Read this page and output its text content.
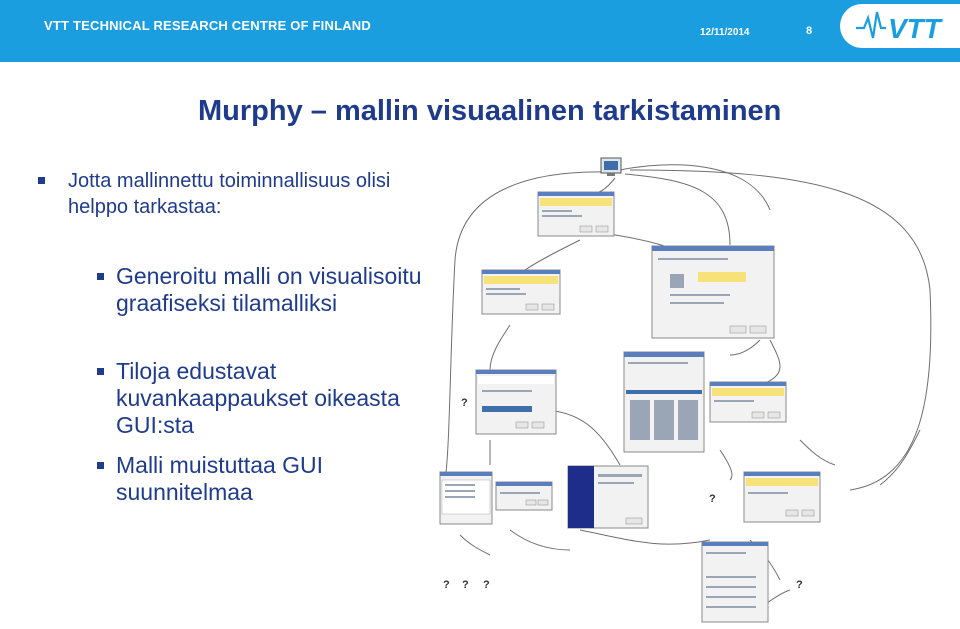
VTT TECHNICAL RESEARCH CENTRE OF FINLAND	12/11/2014	8	VTT
Murphy – mallin visuaalinen tarkistaminen
Jotta mallinnettu toiminnallisuus olisi helppo tarkastaa:
Generoitu malli on visualisoitu graafiseksi tilamalliksi
Tiloja edustavat kuvankaappaukset oikeasta GUI:sta
Malli muistuttaa GUI suunnitelmaa
?
?
? ? ?	?
